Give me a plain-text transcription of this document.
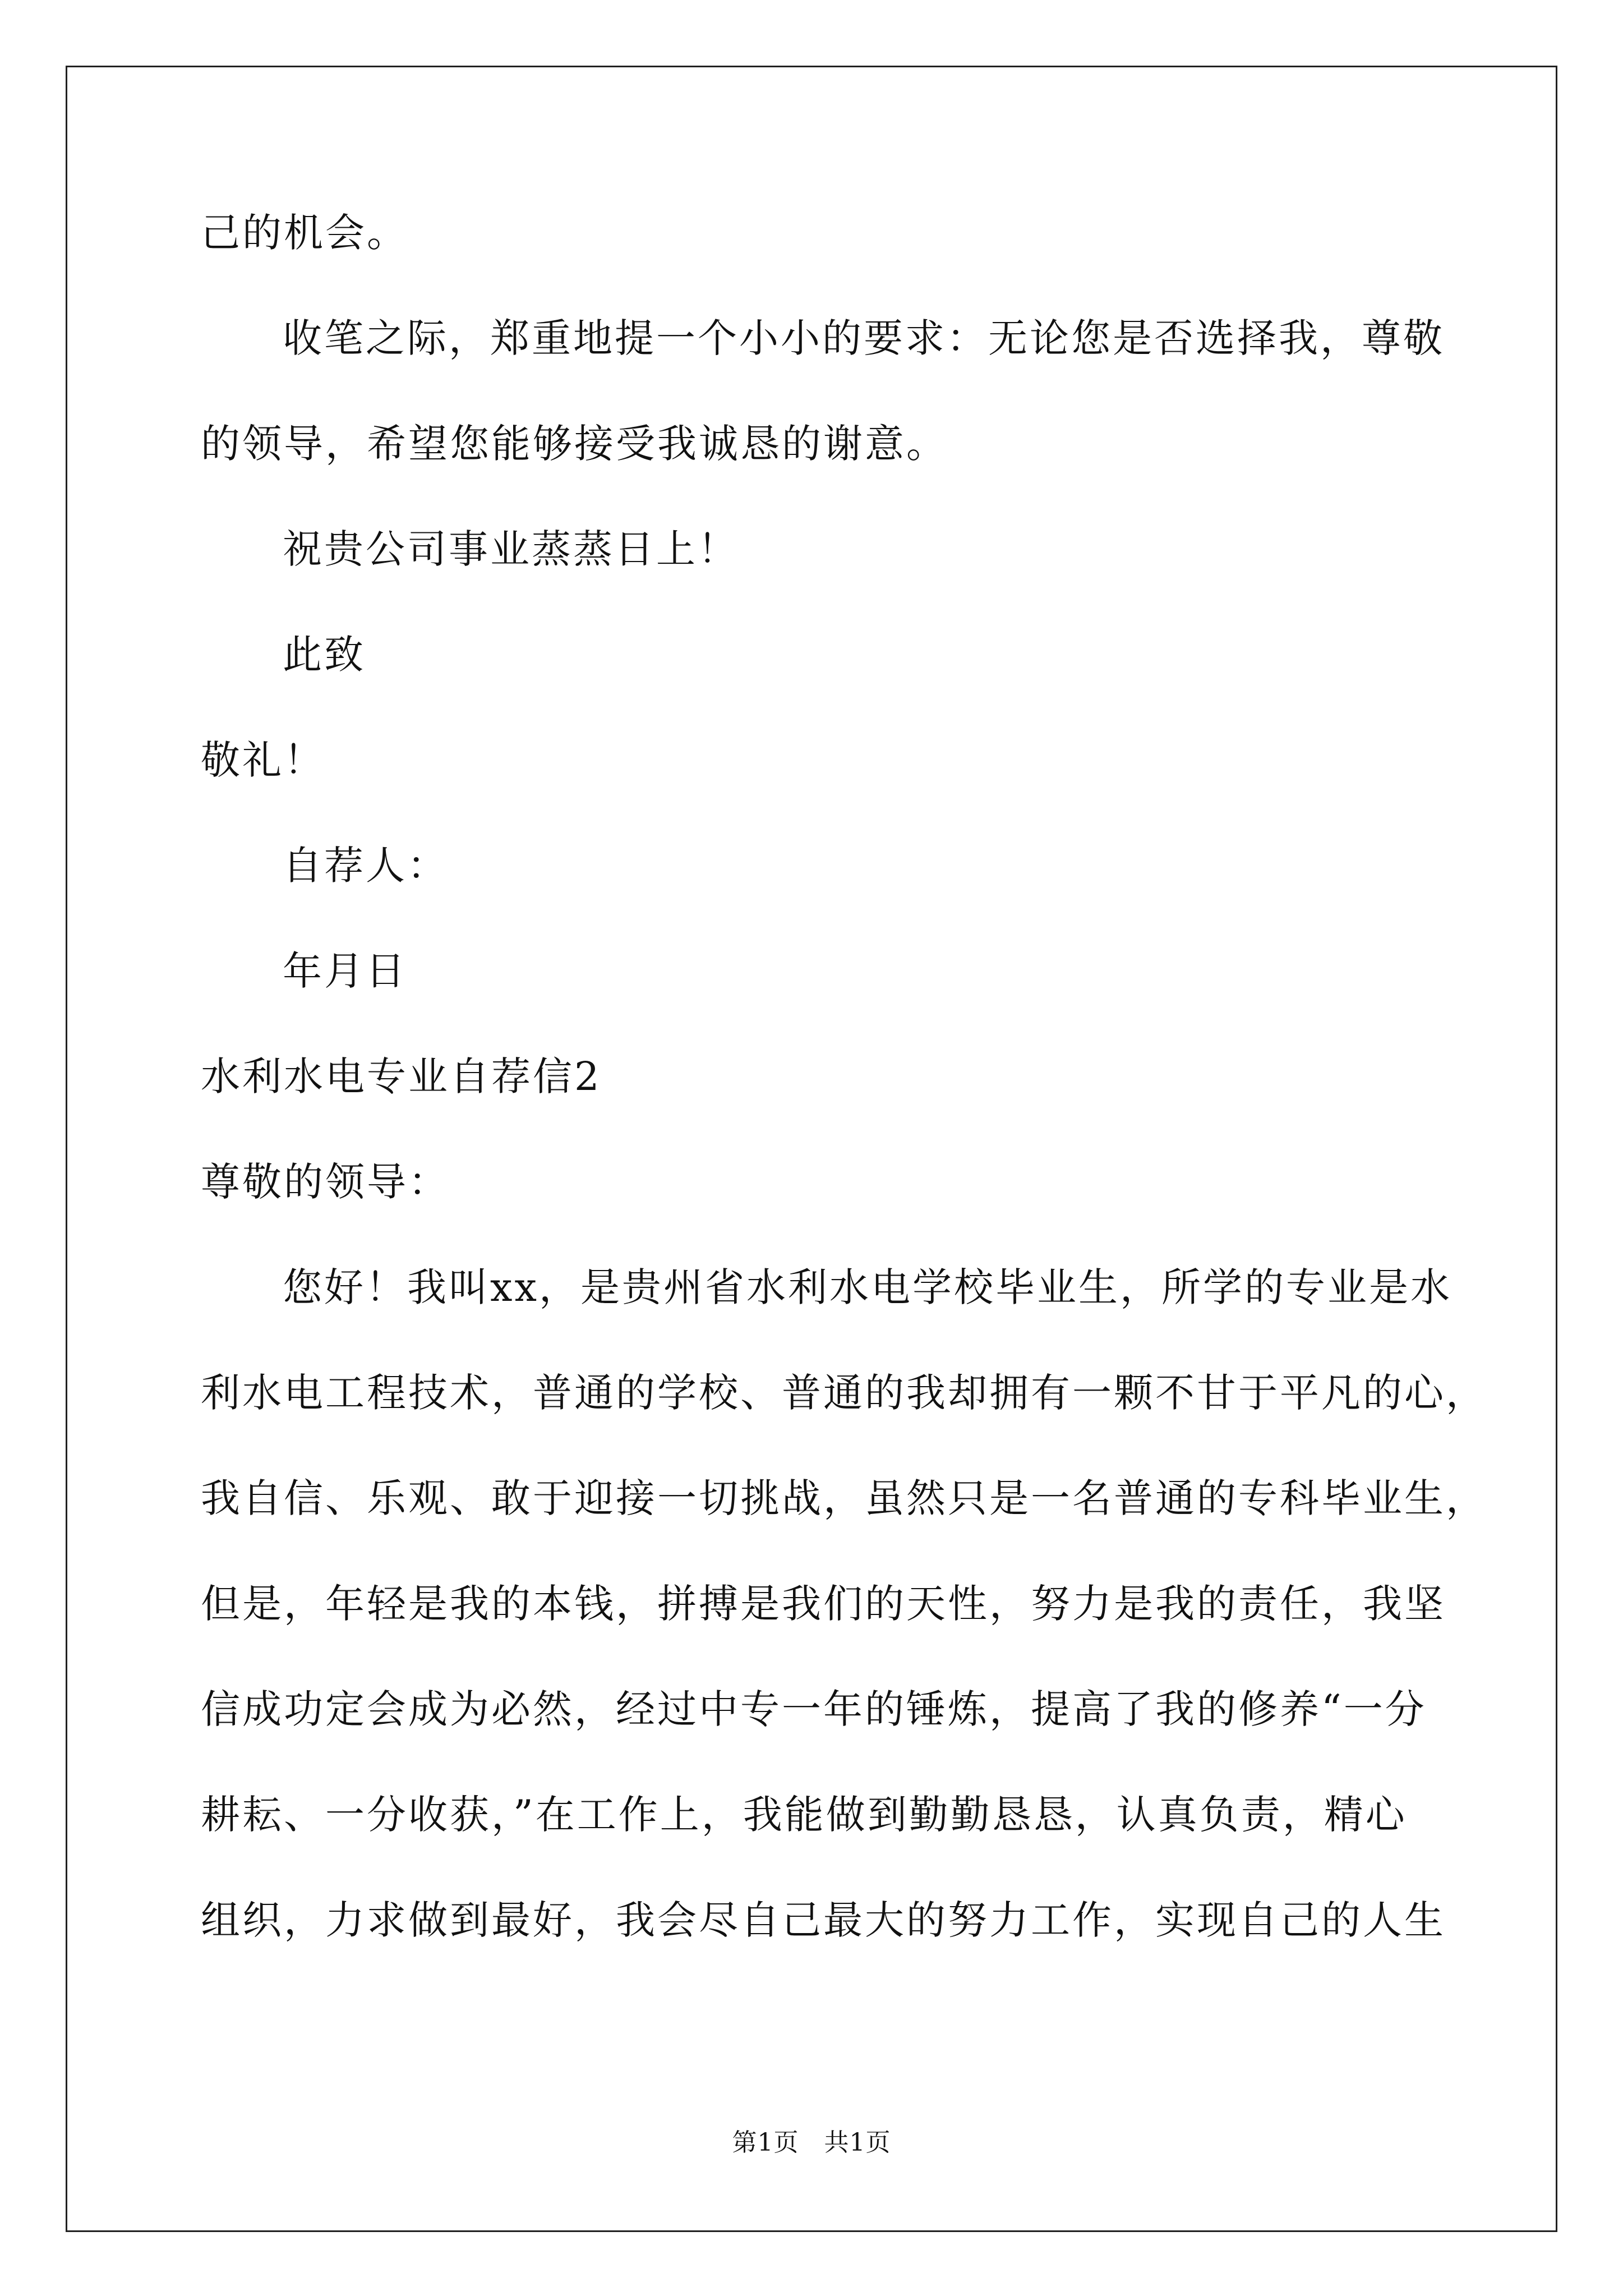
己的机会。
收笔之际，郑重地提一个小小的要求：无论您是否选择我，尊敬
的领导，希望您能够接受我诚恳的谢意。
祝贵公司事业蒸蒸日上！
此致
敬礼！
自荐人：
年月日
水利水电专业自荐信2
尊敬的领导：
您好！我叫xx，是贵州省水利水电学校毕业生，所学的专业是水
利水电工程技术，普通的学校、普通的我却拥有一颗不甘于平凡的心，
我自信、乐观、敢于迎接一切挑战，虽然只是一名普通的专科毕业生，
但是，年轻是我的本钱，拼搏是我们的天性，努力是我的责任，我坚
信成功定会成为必然，经过中专一年的锤炼，提高了我的修养“一分
耕耘、一分收获，”在工作上，我能做到勤勤恳恳，认真负责，精心
组织，力求做到最好，我会尽自己最大的努力工作，实现自己的人生
第1页　共1页
